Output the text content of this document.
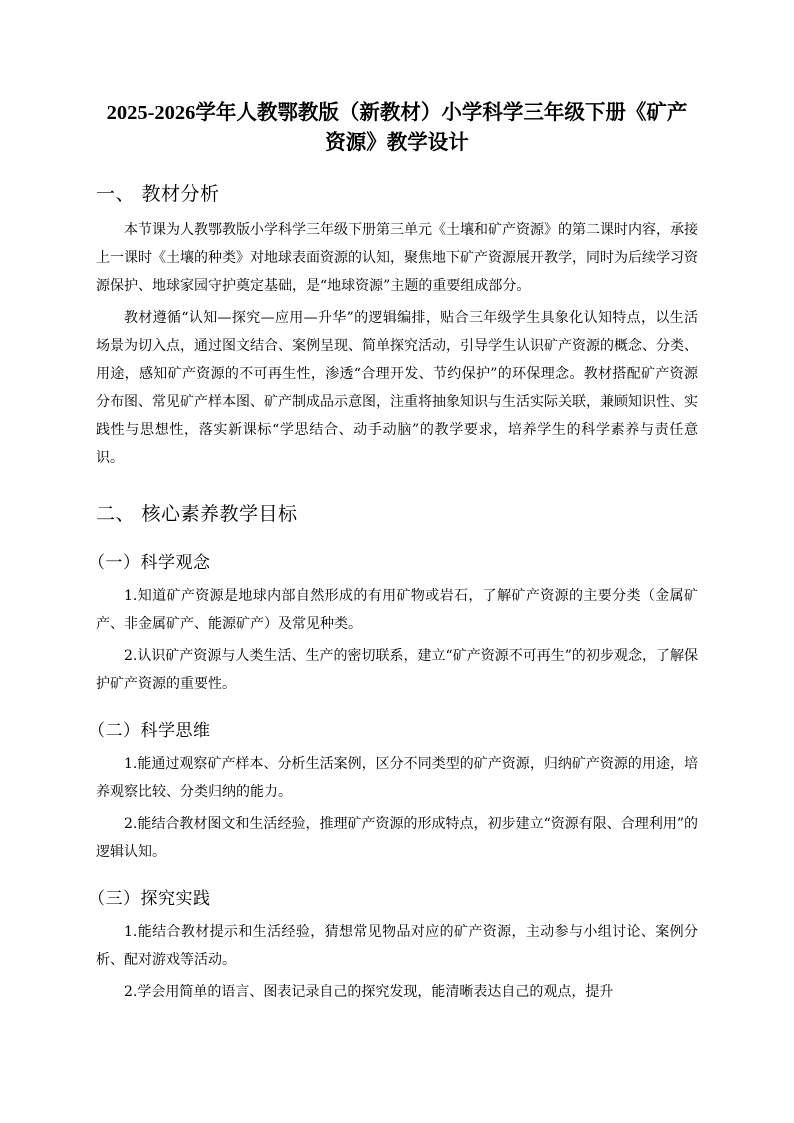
2025-2026学年人教鄂教版（新教材）小学科学三年级下册《矿产资源》教学设计
一、 教材分析

本节课为人教鄂教版小学科学三年级下册第三单元《土壤和矿产资源》的第二课时内容，承接上一课时《土壤的种类》对地球表面资源的认知，聚焦地下矿产资源展开教学，同时为后续学习资源保护、地球家园守护奠定基础，是“地球资源”主题的重要组成部分。

教材遵循“认知—探究—应用—升华”的逻辑编排，贴合三年级学生具象化认知特点，以生活场景为切入点，通过图文结合、案例呈现、简单探究活动，引导学生认识矿产资源的概念、分类、用途，感知矿产资源的不可再生性，渗透“合理开发、节约保护”的环保理念。教材搭配矿产资源分布图、常见矿产样本图、矿产制成品示意图，注重将抽象知识与生活实际关联，兼顾知识性、实践性与思想性，落实新课标“学思结合、动手动脑”的教学要求，培养学生的科学素养与责任意识。

二、 核心素养教学目标
（一）科学观念

1.知道矿产资源是地球内部自然形成的有用矿物或岩石，了解矿产资源的主要分类（金属矿产、非金属矿产、能源矿产）及常见种类。

2.认识矿产资源与人类生活、生产的密切联系，建立“矿产资源不可再生”的初步观念，了解保护矿产资源的重要性。

（二）科学思维

1.能通过观察矿产样本、分析生活案例，区分不同类型的矿产资源，归纳矿产资源的用途，培养观察比较、分类归纳的能力。

2.能结合教材图文和生活经验，推理矿产资源的形成特点，初步建立“资源有限、合理利用”的逻辑认知。

（三）探究实践

1.能结合教材提示和生活经验，猜想常见物品对应的矿产资源，主动参与小组讨论、案例分析、配对游戏等活动。

2.学会用简单的语言、图表记录自己的探究发现，能清晰表达自己的观点，提升
